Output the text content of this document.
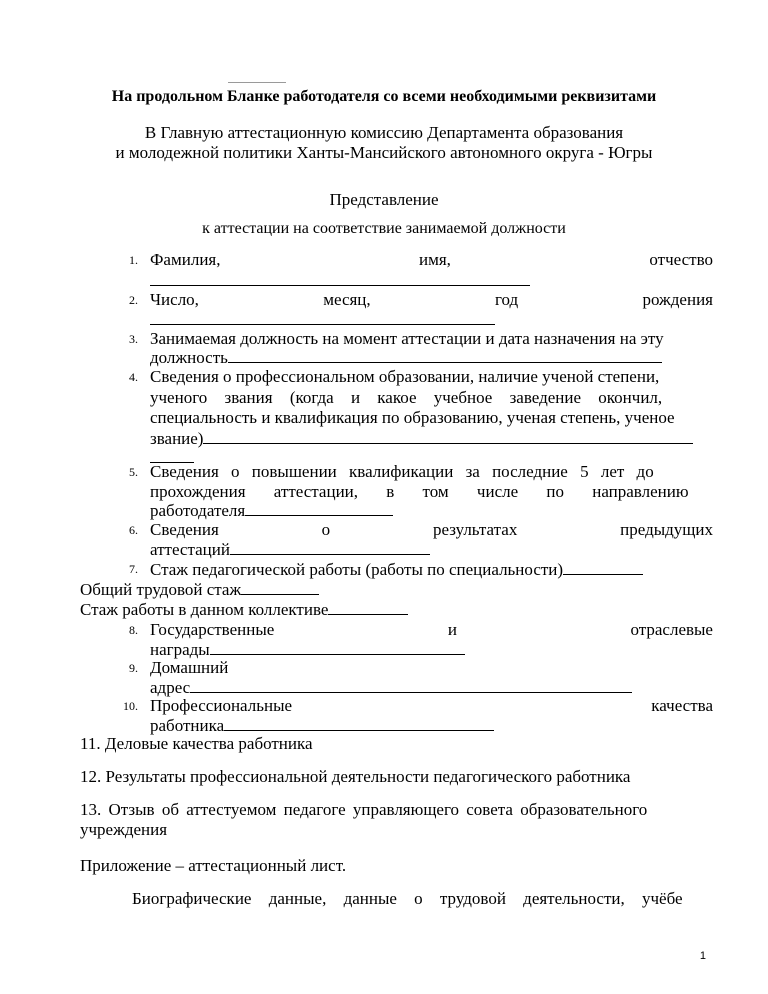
На продольном Бланке работодателя со всеми необходимыми реквизитами
В Главную аттестационную комиссию Департамента образования
и молодежной политики Ханты-Мансийского автономного округа - Югры
Представление
к аттестации на соответствие занимаемой должности
1. Фамилия,	имя,	отчество
2. Число,	месяц,	год	рождения
3. Занимаемая должность на момент аттестации и дата назначения на эту
должность
4. Сведения о профессиональном образовании, наличие ученой степени,
ученого звания (когда и какое учебное заведение окончил,
специальность и квалификация по образованию, ученая степень, ученое
звание)
5. Сведения о повышении квалификации за последние 5 лет до
прохождения аттестации, в том числе по направлению
работодателя
6. Сведения	о	результатах	предыдущих
аттестаций
7. Стаж педагогической работы (работы по специальности)
Общий трудовой стаж
Стаж работы в данном коллективе
8. Государственные	и	отраслевые
награды
9. Домашний
адрес
10. Профессиональные	качества
работника
11. Деловые качества работника
12. Результаты профессиональной деятельности педагогического работника
13. Отзыв об аттестуемом педагоге управляющего совета образовательного
учреждения
Приложение – аттестационный лист.
Биографические данные, данные о трудовой деятельности, учёбе
1
